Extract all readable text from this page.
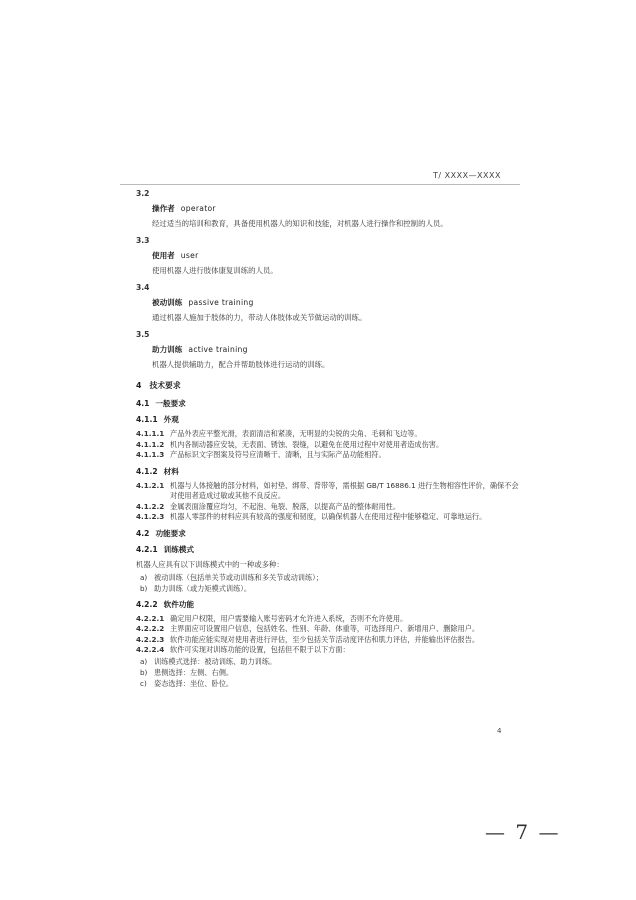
T/ XXXX—XXXX

3.2

操作者 operator

经过适当的培训和教育，具备使用机器人的知识和技能，对机器人进行操作和控制的人员。

3.3

使用者 user

使用机器人进行肢体康复训练的人员。

3.4

被动训练 passive training

通过机器人施加于肢体的力，带动人体肢体或关节做运动的训练。

3.5

助力训练 active training

机器人提供辅助力，配合并帮助肢体进行运动的训练。

4 技术要求

4.1 一般要求

4.1.1 外观

4.1.1.1 产品外表应平整光滑，表面清洁和紧凑，无明显的尖锐的尖角、毛刺和飞边等。

4.1.1.2 机内各制动器应安装，无表面、锈蚀、裂缝，以避免在使用过程中对使用者造成伤害。

4.1.1.3 产品标识文字图案及符号应清晰干、清晰，且与实际产品功能相符。

4.1.2 材料

4.1.2.1 机器与人体接触的部分材料，如衬垫、绑带、背带等，需根据 GB/T 16886.1 进行生物相容性评价，确保不会对使用者造成过敏或其他不良反应。

4.1.2.2 金属表面涂覆应均匀，不起泡、龟裂、脱落，以提高产品的整体耐用性。

4.1.2.3 机器人零部件的材料应具有较高的强度和韧度，以确保机器人在使用过程中能够稳定、可靠地运行。

4.2 功能要求

4.2.1 训练模式

机器人应具有以下训练模式中的一种或多种：

a) 被动训练（包括单关节或动训练和多关节或动训练）；

b) 助力训练（或力矩模式训练）。

4.2.2 软件功能

4.2.2.1 确定用户权限，用户需要输入账号密码才允许进入系统，否则不允许使用。

4.2.2.2 主界面应可设置用户信息，包括姓名、性别、年龄、体重等，可选择用户、新增用户、删除用户。

4.2.2.3 软件功能应能实现对使用者进行评估，至少包括关节活动度评估和肌力评估，并能输出评估报告。

4.2.2.4 软件可实现对训练功能的设置，包括但不限于以下方面：

a) 训练模式选择：被动训练、助力训练。

b) 患侧选择：左侧、右侧。

c)	姿态选择：坐位、卧位。

4
— 7 —
